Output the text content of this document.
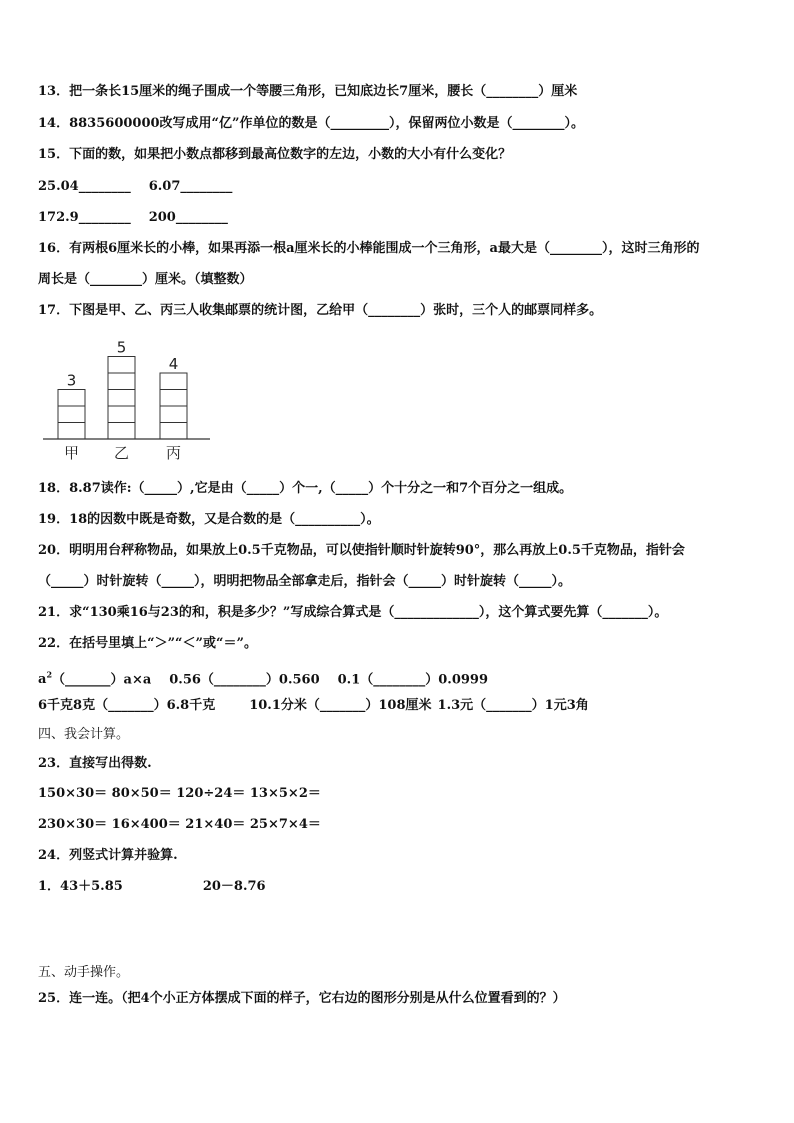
13．把一条长15厘米的绳子围成一个等腰三角形，已知底边长7厘米，腰长（________）厘米
14．8835600000改写成用“亿”作单位的数是（_________），保留两位小数是（________）。
15．下面的数，如果把小数点都移到最高位数字的左边，小数的大小有什么变化？
25.04________ 6.07________
172.9________ 200________
16．有两根6厘米长的小棒，如果再添一根a厘米长的小棒能围成一个三角形，a最大是（________），这时三角形的
周长是（________）厘米。（填整数）
17．下图是甲、乙、丙三人收集邮票的统计图，乙给甲（________）张时，三个人的邮票同样多。
3
甲
5
乙
4
丙
18．8.87读作:（_____）,它是由（_____）个一,（_____）个十分之一和7个百分之一组成。
19．18的因数中既是奇数，又是合数的是（__________）。
20．明明用台秤称物品，如果放上0.5千克物品，可以使指针顺时针旋转90°，那么再放上0.5千克物品，指针会
（_____）时针旋转（_____），明明把物品全部拿走后，指针会（_____）时针旋转（_____）。
21．求“130乘16与23的和，积是多少？”写成综合算式是（_____________），这个算式要先算（_______）。
22．在括号里填上“＞”“＜”或“＝”。
$a^2(\_\_\_\_\_\_\_)a\times a$ 0.56（________）0.560 0.1（________）0.0999
6千克8克（_______）6.8千克	10.1分米（_______）108厘米 1.3元（_______）1元3角
四、我会计算。
23．直接写出得数.
150×30＝ 80×50＝ 120÷24＝ 13×5×2＝
230×30＝ 16×400＝ 21×40＝ 25×7×4＝
24．列竖式计算并验算.
1．43＋5.85	20－8.76
五、动手操作。
25．连一连。（把4个小正方体摆成下面的样子，它右边的图形分别是从什么位置看到的？）
